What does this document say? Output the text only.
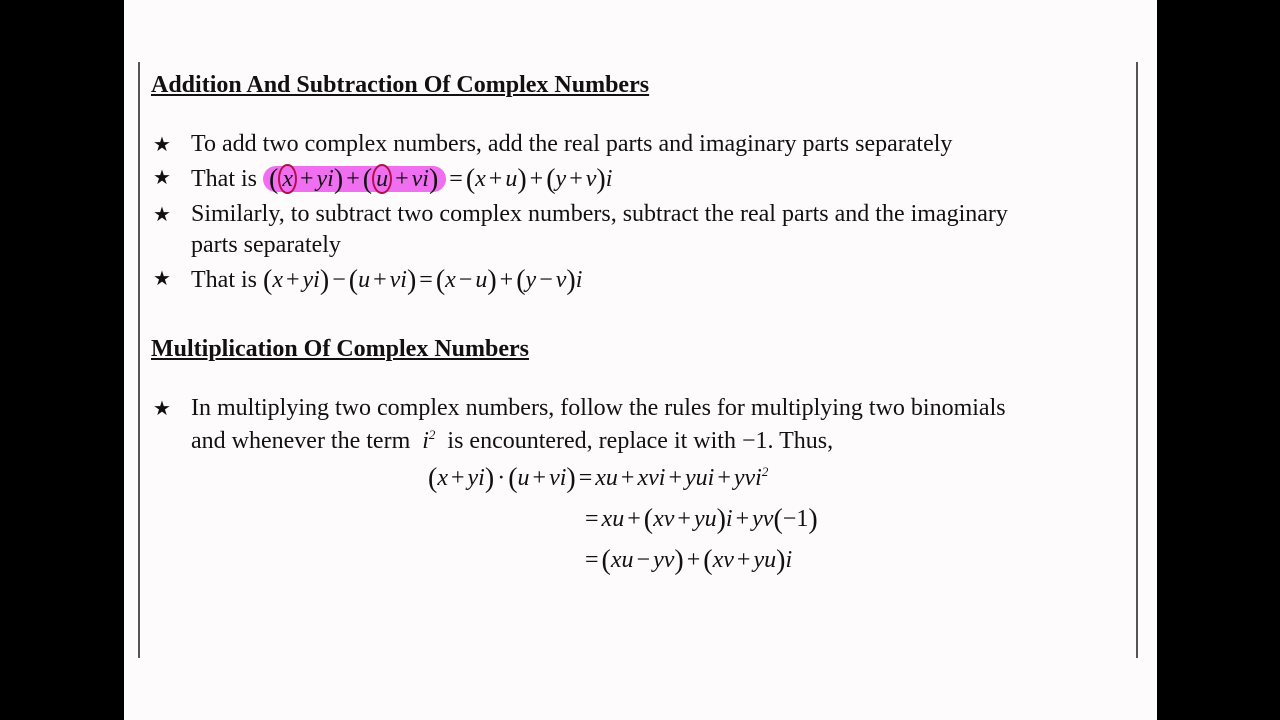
Addition And Subtraction Of Complex Numbers
★ To add two complex numbers, add the real parts and imaginary parts separately
★ That is ( x + yi) + ( u + vi) = (x + u) + (y + v)i
★ Similarly, to subtract two complex numbers, subtract the real parts and the imaginary
parts separately
★ That is (x + yi) − (u + vi) = (x − u) + (y − v)i
Multiplication Of Complex Numbers
★ In multiplying two complex numbers, follow the rules for multiplying two binomials
and whenever the term  $i^2$ is encountered, replace it with −1. Thus,
(x + yi) · (u + vi) = xu + xvi + yui + yvi$^2$
= xu + (xv + yu)i + yv(−1)
= (xu − yv) + (xv + yu)i
